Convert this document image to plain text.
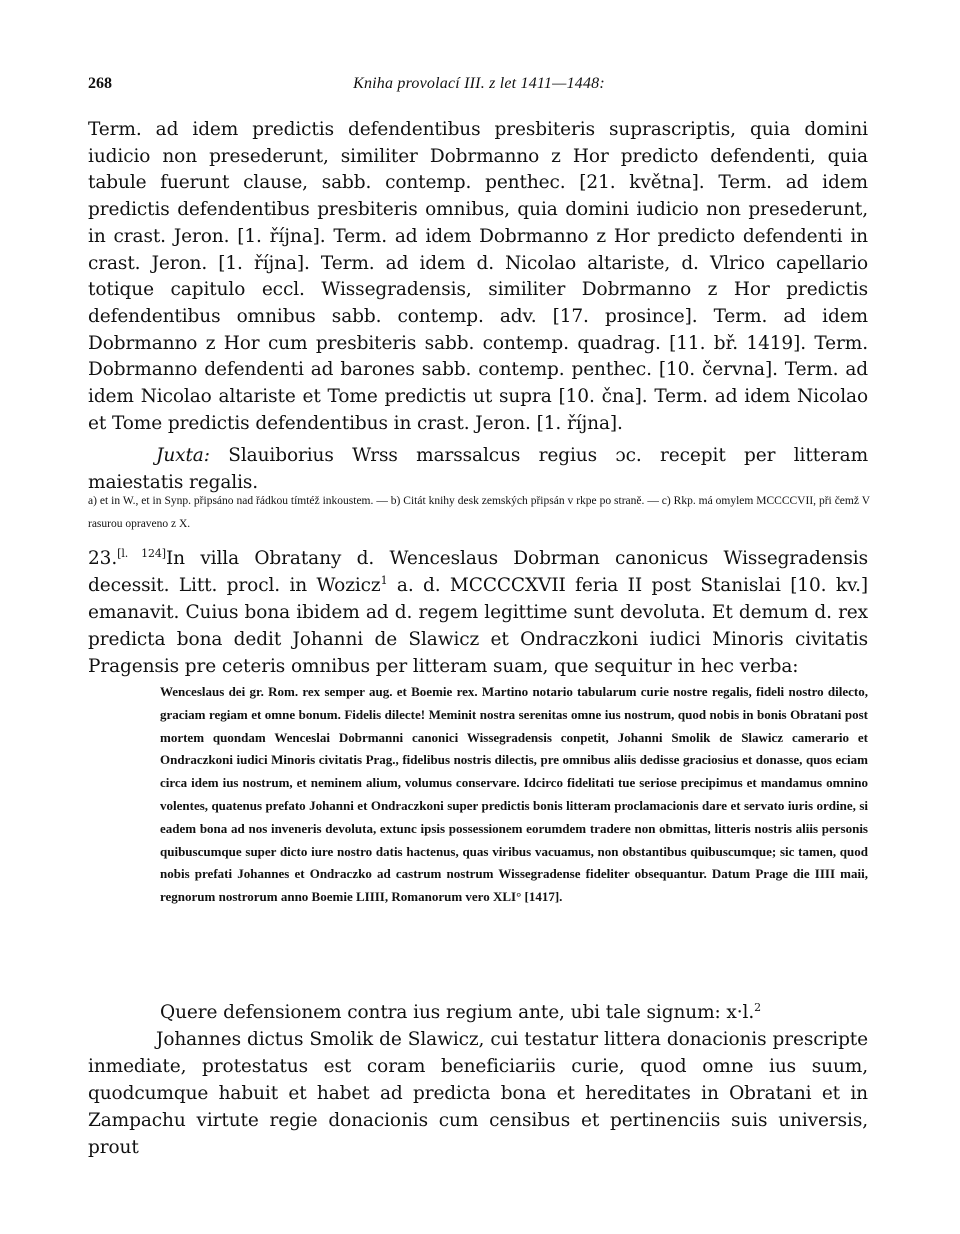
268	Kniha provolací III. z let 1411—1448:

Term. ad idem predictis defendentibus presbiteris suprascriptis, quia domini iudicio non presederunt, similiter Dobrmanno z Hor predicto defendenti, quia tabule fuerunt clause, sabb. contemp. penthec. [21. května]. Term. ad idem predictis defendentibus presbiteris omnibus, quia domini iudicio non presederunt, in crast. Jeron. [1. října]. Term. ad idem Dobrmanno z Hor predicto defendenti in crast. Jeron. [1. října]. Term. ad idem d. Nicolao altariste, d. Vlrico capellario totique capitulo eccl. Wissegradensis, similiter Dobrmanno z Hor predictis defendentibus omnibus sabb. contemp. adv. [17. prosince]. Term. ad idem Dobrmanno z Hor cum presbiteris sabb. contemp. quadrag. [11. bř. 1419]. Term. Dobrmanno defendenti ad barones sabb. contemp. penthec. [10. června]. Term. ad idem Nicolao altariste et Tome predictis ut supra [10. čna]. Term. ad idem Nicolao et Tome predictis defendentibus in crast. Jeron. [1. října].

Juxta: Slauiborius Wrss marssalcus regius ɔc. recepit per litteram maiestatis regalis.

a) et in W., et in Synp. připsáno nad řádkou tímtéž inkoustem. — b) Citát knihy desk zemských připsán v rkpe po straně. — c) Rkp. má omylem MCCCCVII, při čemž V rasurou opraveno z X.

23.[l. 124]In villa Obratany d. Wenceslaus Dobrman canonicus Wissegradensis decessit. Litt. procl. in Wozicz$^1$ a. d. MCCCCXVII feria II post Stanislai [10. kv.] emanavit. Cuius bona ibidem ad d. regem legittime sunt devoluta. Et demum d. rex predicta bona dedit Johanni de Slawicz et Ondraczkoni iudici Minoris civitatis Pragensis pre ceteris omnibus per litteram suam, que sequitur in hec verba:

Wenceslaus dei gr. Rom. rex semper aug. et Boemie rex. Martino notario tabularum curie nostre regalis, fideli nostro dilecto, graciam regiam et omne bonum. Fidelis dilecte! Meminit nostra serenitas omne ius nostrum, quod nobis in bonis Obratani post mortem quondam Wenceslai Dobrmanni canonici Wissegradensis conpetit, Johanni Smolik de Slawicz camerario et Ondraczkoni iudici Minoris civitatis Prag., fidelibus nostris dilectis, pre omnibus aliis dedisse graciosius et donasse, quos eciam circa idem ius nostrum, et neminem alium, volumus conservare. Idcirco fidelitati tue seriose precipimus et mandamus omnino volentes, quatenus prefato Johanni et Ondraczkoni super predictis bonis litteram proclamacionis dare et servato iuris ordine, si eadem bona ad nos inveneris devoluta, extunc ipsis possessionem eorumdem tradere non obmittas, litteris nostris aliis personis quibuscumque super dicto iure nostro datis hactenus, quas viribus vacuamus, non obstantibus quibuscumque; sic tamen, quod nobis prefati Johannes et Ondraczko ad castrum nostrum Wissegradense fideliter obsequantur. Datum Prage die IIII maii, regnorum nostrorum anno Boemie LIIII, Romanorum vero XLI° [1417].

Quere defensionem contra ius regium ante, ubi tale signum: x·l.$^2$

Johannes dictus Smolik de Slawicz, cui testatur littera donacionis prescripte inmediate, protestatus est coram beneficiariis curie, quod omne ius suum, quodcumque habuit et habet ad predicta bona et hereditates in Obratani et in Zampachu virtute regie donacionis cum censibus et pertinenciis suis universis, prout
